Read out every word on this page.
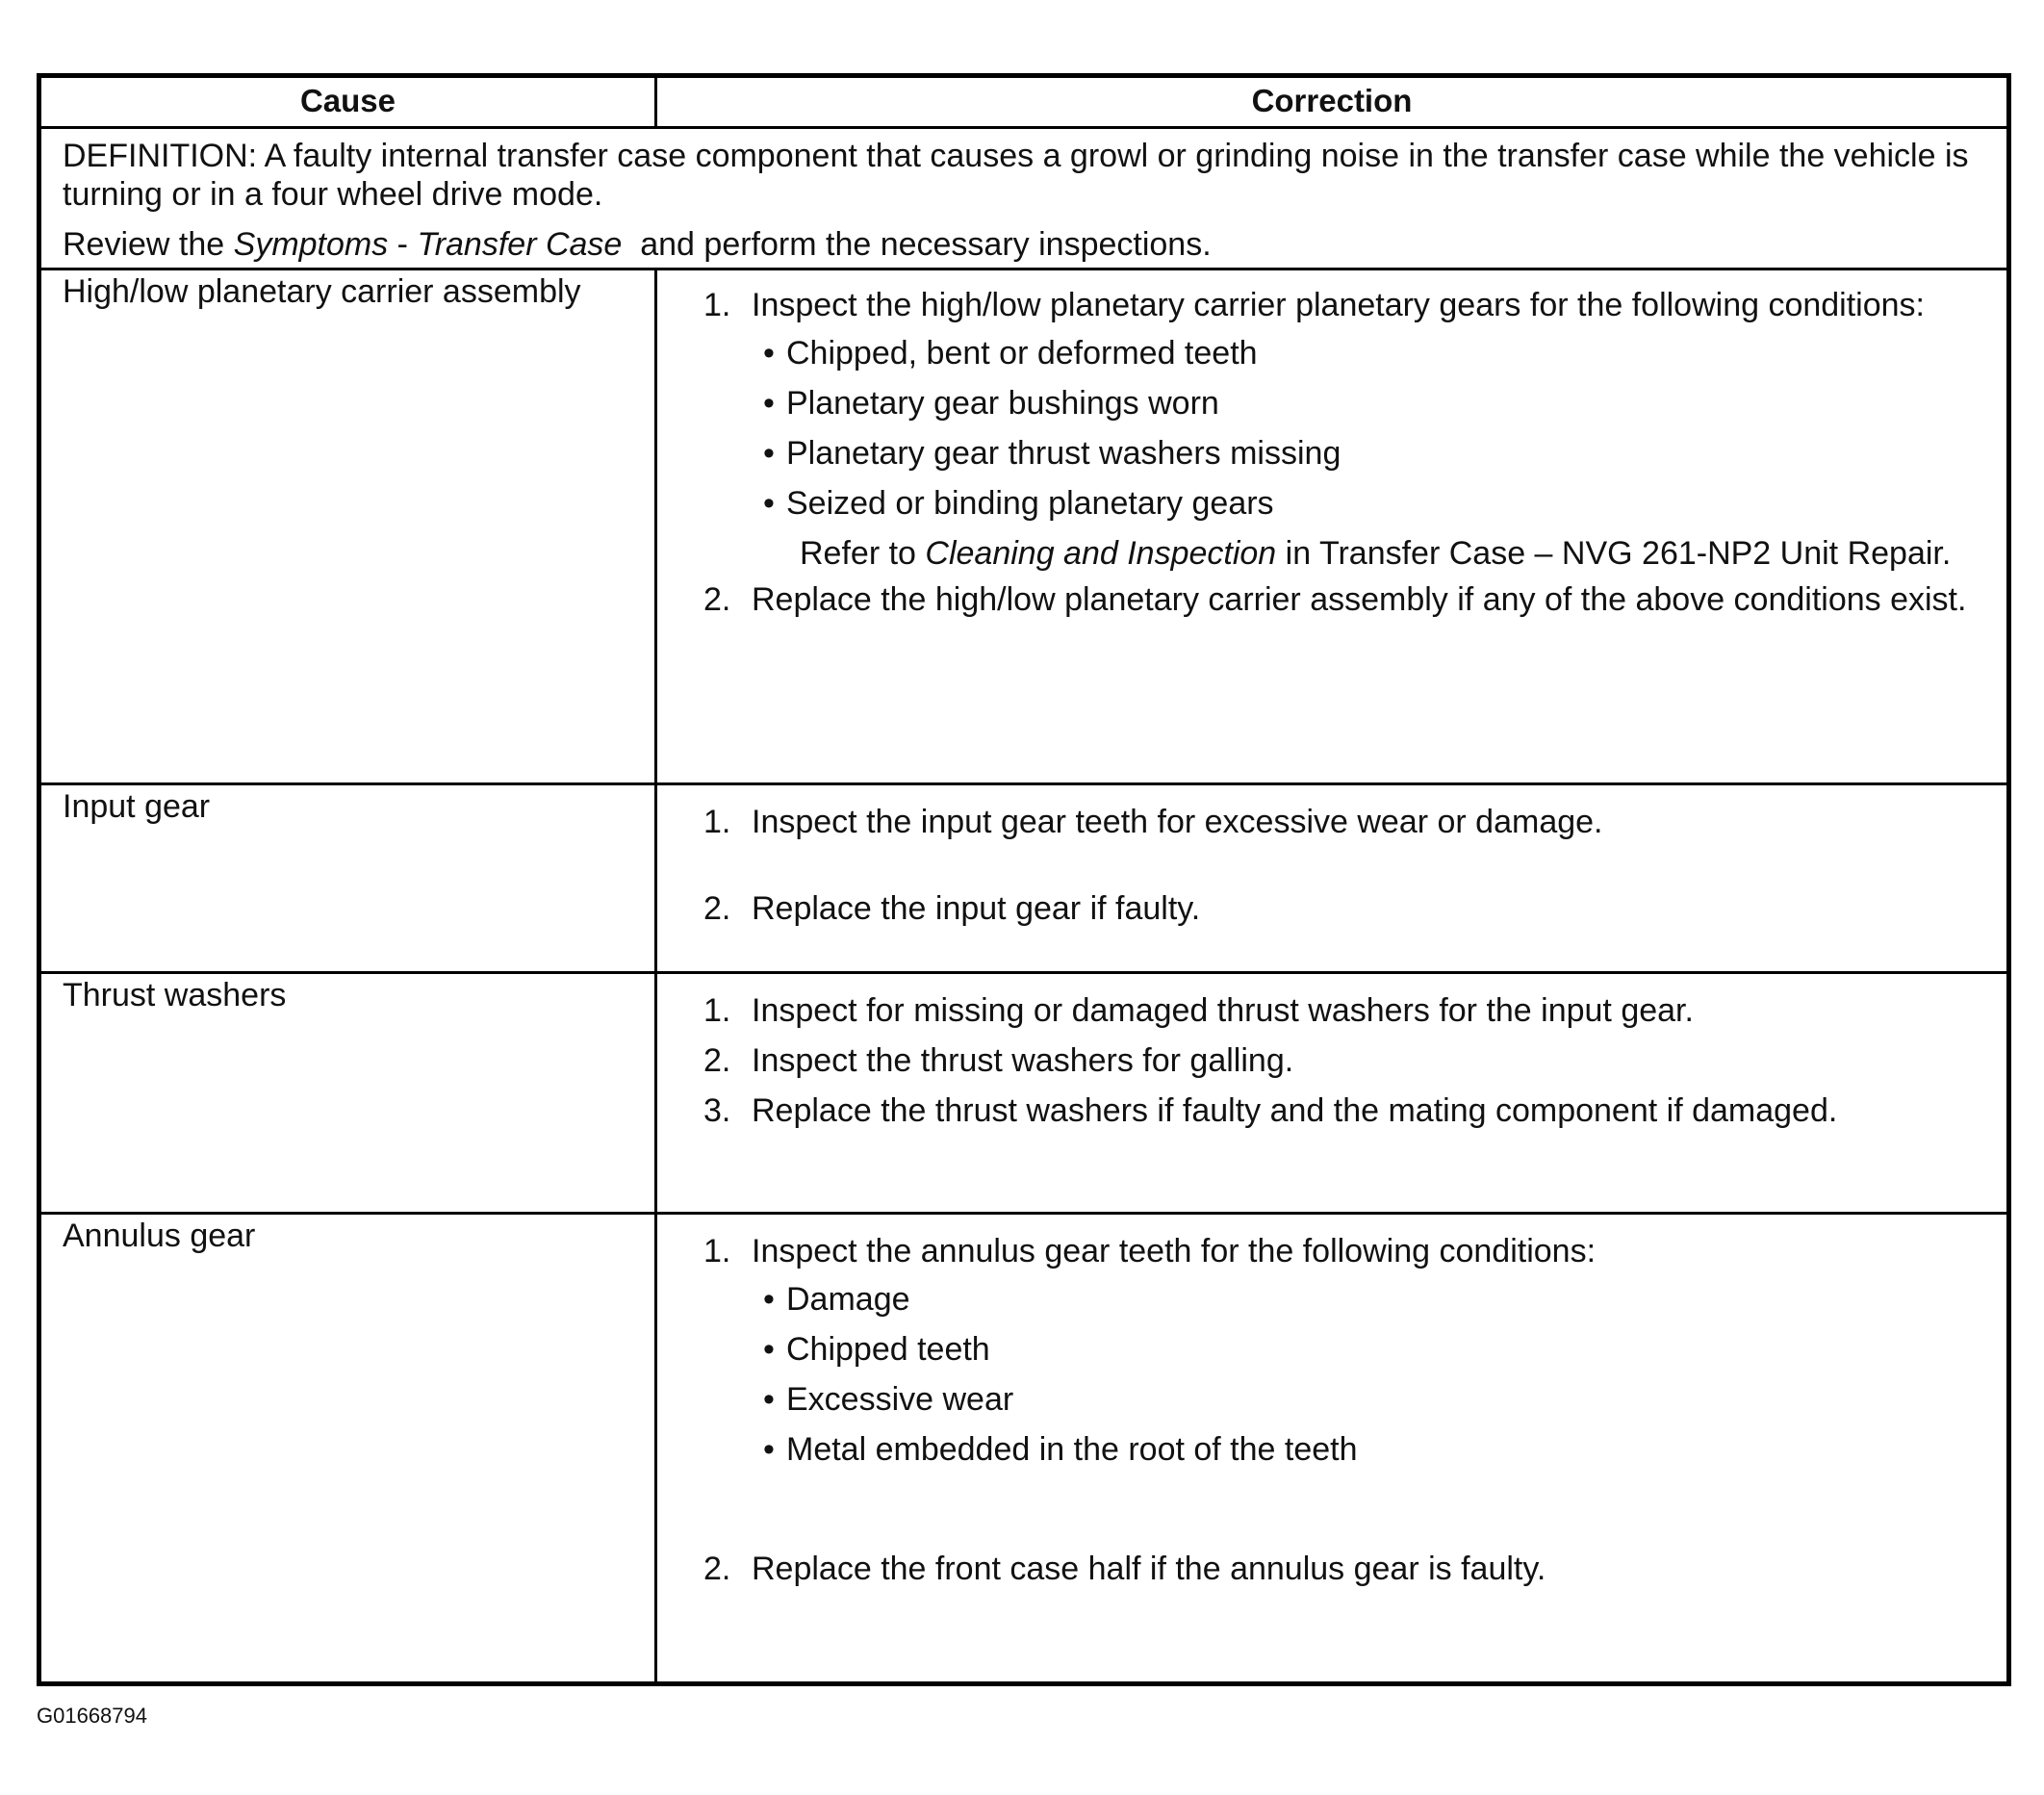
Cause	Correction

DEFINITION: A faulty internal transfer case component that causes a growl or grinding noise in the transfer case while the vehicle is turning or in a four wheel drive mode.

Review the Symptoms - Transfer Case  and perform the necessary inspections.

High/low planetary carrier assembly	1. Inspect the high/low planetary carrier planetary gears for the following conditions:
• Chipped, bent or deformed teeth
• Planetary gear bushings worn
• Planetary gear thrust washers missing
• Seized or binding planetary gears

Refer to Cleaning and Inspection in Transfer Case – NVG 261-NP2 Unit Repair.

2. Replace the high/low planetary carrier assembly if any of the above conditions exist.
Input gear	1. Inspect the input gear teeth for excessive wear or damage.
2. Replace the input gear if faulty.
Thrust washers	1. Inspect for missing or damaged thrust washers for the input gear.
2. Inspect the thrust washers for galling.
3. Replace the thrust washers if faulty and the mating component if damaged.
Annulus gear	1. Inspect the annulus gear teeth for the following conditions:
• Damage
• Chipped teeth
• Excessive wear
• Metal embedded in the root of the teeth
2. Replace the front case half if the annulus gear is faulty.
G01668794
